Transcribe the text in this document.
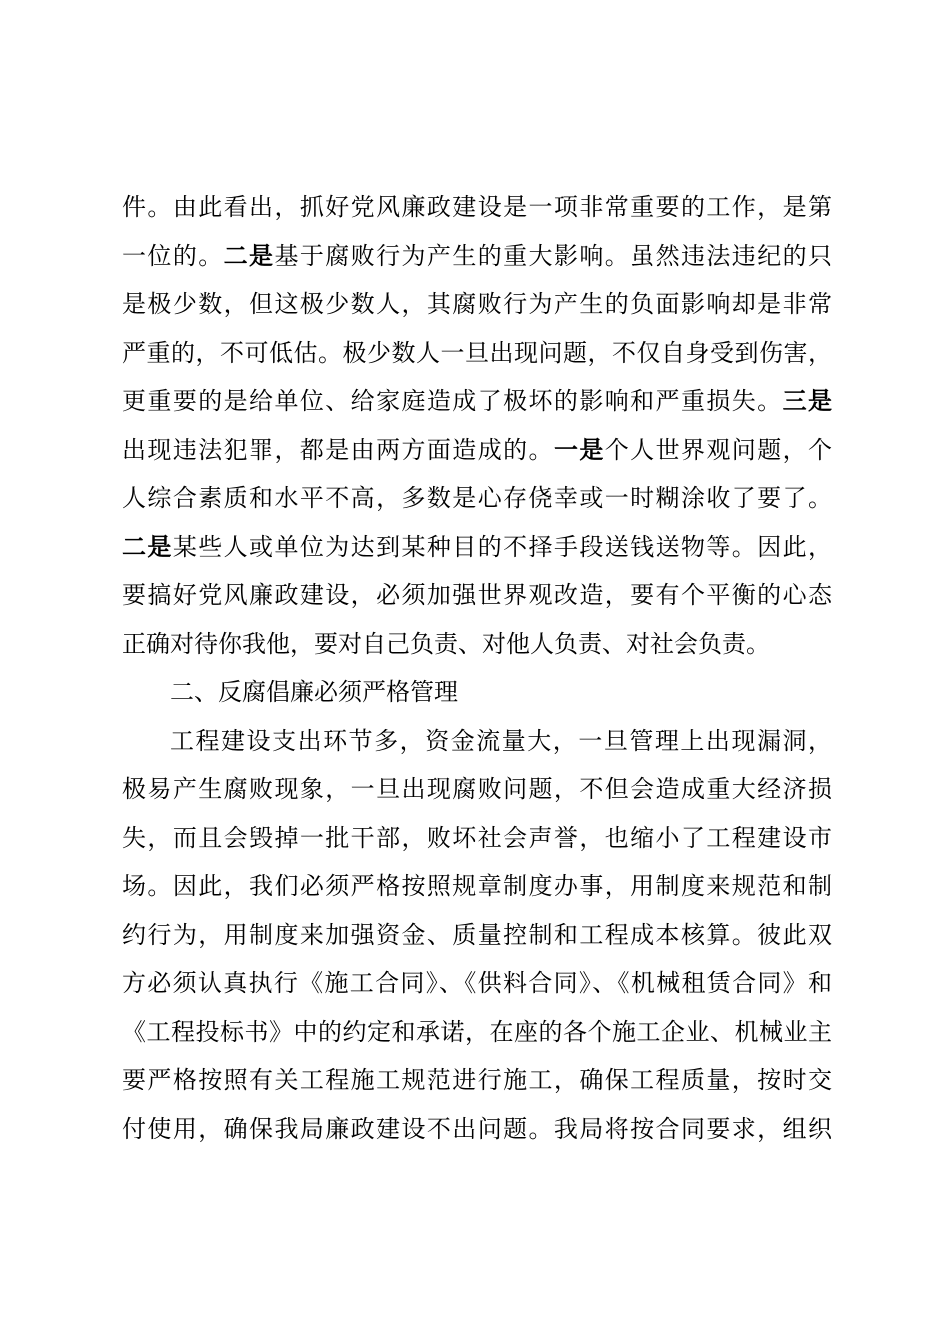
件。由此看出，抓好党风廉政建设是一项非常重要的工作，是第
一位的。二是基于腐败行为产生的重大影响。虽然违法违纪的只
是极少数，但这极少数人，其腐败行为产生的负面影响却是非常
严重的，不可低估。极少数人一旦出现问题，不仅自身受到伤害，
更重要的是给单位、给家庭造成了极坏的影响和严重损失。三是
出现违法犯罪，都是由两方面造成的。一是个人世界观问题，个
人综合素质和水平不高，多数是心存侥幸或一时糊涂收了要了。
二是某些人或单位为达到某种目的不择手段送钱送物等。因此，
要搞好党风廉政建设，必须加强世界观改造，要有个平衡的心态
正确对待你我他，要对自己负责、对他人负责、对社会负责。
二、反腐倡廉必须严格管理
工程建设支出环节多，资金流量大，一旦管理上出现漏洞，
极易产生腐败现象，一旦出现腐败问题，不但会造成重大经济损
失，而且会毁掉一批干部，败坏社会声誉，也缩小了工程建设市
场。因此，我们必须严格按照规章制度办事，用制度来规范和制
约行为，用制度来加强资金、质量控制和工程成本核算。彼此双
方必须认真执行《施工合同》、《供料合同》、《机械租赁合同》和
《工程投标书》中的约定和承诺，在座的各个施工企业、机械业主
要严格按照有关工程施工规范进行施工，确保工程质量，按时交
付使用，确保我局廉政建设不出问题。我局将按合同要求，组织
